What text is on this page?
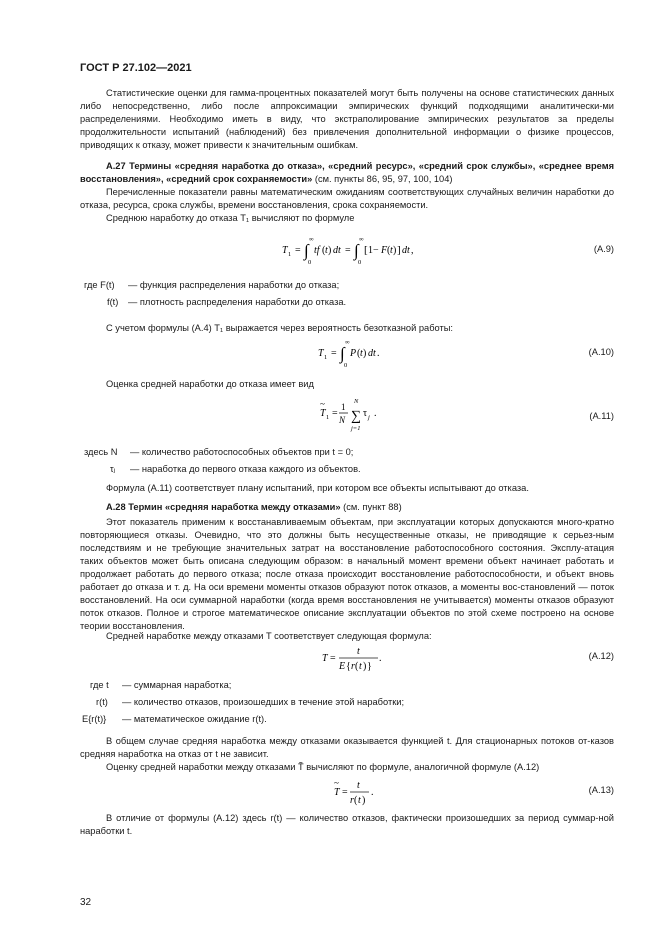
ГОСТ Р 27.102—2021
Статистические оценки для гамма-процентных показателей могут быть получены на основе статистических данных либо непосредственно, либо после аппроксимации эмпирических функций подходящими аналитически-ми распределениями. Необходимо иметь в виду, что экстраполирование эмпирических результатов за пределы продолжительности испытаний (наблюдений) без привлечения дополнительной информации о физике процессов, приводящих к отказу, может привести к значительным ошибкам.
А.27 Термины «средняя наработка до отказа», «средний ресурс», «средний срок службы», «среднее время восстановления», «средний срок сохраняемости» (см. пункты 86, 95, 97, 100, 104)
Перечисленные показатели равны математическим ожиданиям соответствующих случайных величин наработки до отказа, ресурса, срока службы, времени восстановления, срока сохраняемости.
Среднюю наработку до отказа T₁ вычисляют по формуле
T 1 = ∫
∞
0
tf ( t ) dt = ∫
∞
0
[ 1− F ( t ) ] dt ,	(А.9)
где F(t) — функция распределения наработки до отказа;
f(t) — плотность распределения наработки до отказа.
С учетом формулы (А.4) T₁ выражается через вероятность безотказной работы:
T 1 = ∫
∞
0
P ( t ) dt .	(А.10)
Оценка средней наработки до отказа имеет вид
T
~
1 =
1
N ∑
N
j=1
τ j .	(А.11)
здесь N — количество работоспособных объектов при t = 0;
τⱼ — наработка до первого отказа каждого из объектов.
Формула (А.11) соответствует плану испытаний, при котором все объекты испытывают до отказа.
А.28 Термин «средняя наработка между отказами» (см. пункт 88)
Этот показатель применим к восстанавливаемым объектам, при эксплуатации которых допускаются много-кратно повторяющиеся отказы. Очевидно, что это должны быть несущественные отказы, не приводящие к серьез-ным последствиям и не требующие значительных затрат на восстановление работоспособного состояния. Эксплу-атация таких объектов может быть описана следующим образом: в начальный момент времени объект начинает работать и продолжает работать до первого отказа; после отказа происходит восстановление работоспособности, и объект вновь работает до отказа и т. д. На оси времени моменты отказов образуют поток отказов, а моменты вос-становлений — поток восстановлений. На оси суммарной наработки (когда время восстановления не учитывается) моменты отказов образуют поток отказов. Полное и строгое математическое описание эксплуатации объектов по этой схеме построено на основе теории восстановления.
Средней наработке между отказами T соответствует следующая формула:
T =
t
E { r ( t ) }
.	(А.12)
где t — суммарная наработка;
r(t) — количество отказов, произошедших в течение этой наработки;
E{r(t)} — математическое ожидание r(t).
В общем случае средняя наработка между отказами оказывается функцией t. Для стационарных потоков от-казов средняя наработка на отказ от t не зависит.
Оценку средней наработки между отказами T̃ вычисляют по формуле, аналогичной формуле (А.12)
T
~
=
t
r ( t )
.	(А.13)
В отличие от формулы (А.12) здесь r(t) — количество отказов, фактически произошедших за период суммар-ной наработки t.
32
